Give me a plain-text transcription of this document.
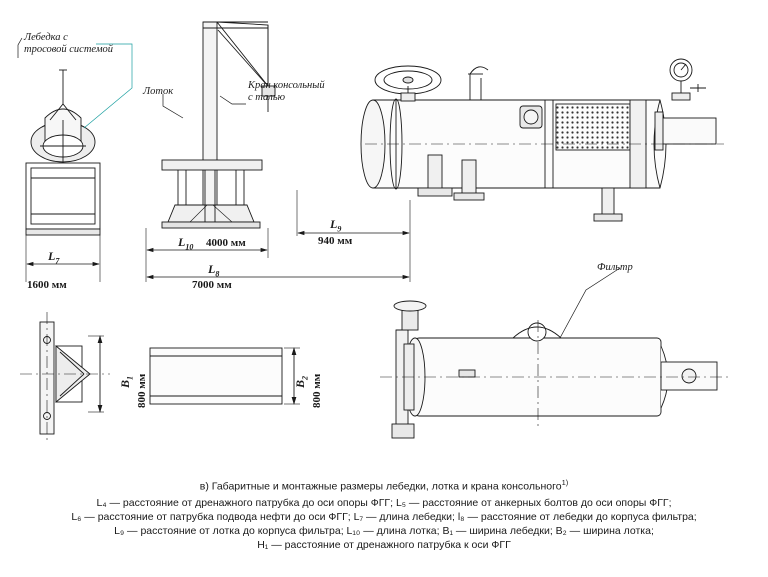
Лебедка с
тросовой системой
Лоток
Кран консольный
с талью
Фильтр
$L_7$
1600 мм
$L_{10}$ 4000 мм
$L_8$
7000 мм
$L_9$
940 мм
$B_1$ 800 мм	$B_2$ 800 мм
в) Габаритные и монтажные размеры лебедки, лотка и крана консольного$^{1)}$
L₄ — расстояние от дренажного патрубка до оси опоры ФГГ; L₅ — расстояние от анкерных болтов до оси опоры ФГГ;
L₆ — расстояние от патрубка подвода нефти до оси ФГГ; L₇ — длина лебедки; l₈ — расстояние от лебедки до корпуса фильтра;
L₉ — расстояние от лотка до корпуса фильтра; L₁₀ — длина лотка; B₁ — ширина лебедки; B₂ — ширина лотка;
H₁ — расстояние от дренажного патрубка к оси ФГГ
